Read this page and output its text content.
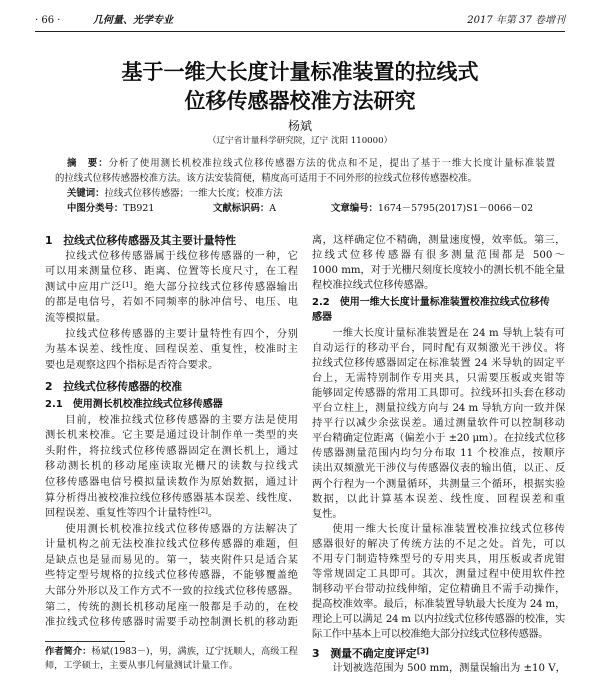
· 66 ·	几何量、光学专业	2017 年第 37 卷增刊
基于一维大长度计量标准装置的拉线式
位移传感器校准方法研究
杨斌
（辽宁省计量科学研究院，辽宁 沈阳 110000）
摘　要：分析了使用测长机校准拉线式位移传感器方法的优点和不足，提出了基于一维大长度计量标准装置
的拉线式位移传感器校准方法。该方法安装简便，精度高可适用于不同外形的拉线式位移传感器校准。
关键词：拉线式位移传感器；一维大长度；校准方法
中图分类号：TB921	文献标识码：A	文章编号：1674－5795(2017)S1－0066－02
1 拉线式位移传感器及其主要计量特性
拉线式位移传感器属于线位移传感器的一种，它
可以用来测量位移、距离、位置等长度尺寸，在工程
测试中应用广泛[1]。绝大部分拉线式位移传感器输出
的都是电信号，若如不同频率的脉冲信号、电压、电
流等模拟量。
拉线式位移传感器的主要计量特性有四个，分别
为基本误差、线性度、回程误差、重复性，校准时主
要也是观察这四个指标是否符合要求。
2 拉线式位移传感器的校准
2.1 使用测长机校准拉线式位移传感器
目前，校准拉线式位移传感器的主要方法是使用
测长机来校准。它主要是通过设计制作单一类型的夹
头附件，将拉线式位移传感器固定在测长机上，通过
移动测长机的移动尾座读取光栅尺的读数与拉线式
位移传感器电信号模拟量读数作为原始数据，通过计
算分析得出被校准拉线位移传感器基本误差、线性度、
回程误差、重复性等四个计量特性[2]。
使用测长机校准拉线式位移传感器的方法解决了
计量机构之前无法校准拉线式位移传感器的难题，但
是缺点也是显而易见的。第一，装夹附件只是适合某
些特定型号规格的拉线式位移传感器，不能够覆盖绝
大部分外形以及工作方式不一致的拉线式位移传感器。
第二，传统的测长机移动尾座一般都是手动的，在校
准拉线式位移传感器时需要手动控制测长机的移动距
作者简介：杨斌(1983－)，男，满族，辽宁抚顺人，高级工程
师，工学硕士，主要从事几何量测试计量工作。
离，这样确定位不精确，测量速度慢，效率低。第三，
拉线式位移传感器有很多测量范围都是 500～
1000 mm，对于光栅尺刻度长度较小的测长机不能全量
程校准拉线式位移传感器。
2.2 使用一维大长度计量标准装置校准拉线式位移传
感器
一维大长度计量标准装置是在 24 m 导轨上装有可
自动运行的移动平台，同时配有双频激光干涉仪。将
拉线式位移传感器固定在标准装置 24 米导轨的固定平
台上，无需特别制作专用夹具，只需要压板或夹钳等
能够固定传感器的常用工具即可。拉线环扣头套在移动
平台立柱上，测量拉线方向与 24 m 导轨方向一致并保
持平行以减少余弦误差。通过测量软件可以控制移动
平台精确定位距离（偏差小于 ±20 μm）。在拉线式位移
传感器测量范围内均匀分布取 11 个校准点，按顺序
读出双频激光干涉仪与传感器仪表的输出值，以正、反
两个行程为一个测量循环，共测量三个循环，根据实验
数据，以此计算基本误差、线性度、回程误差和重
复性。
使用一维大长度计量标准装置校准拉线式位移传
感器很好的解决了传统方法的不足之处。首先，可以
不用专门制造特殊型号的专用夹具，用压板或者虎钳
等常规固定工具即可。其次，测量过程中使用软件控
制移动平台带动拉线伸缩，定位精确且不需手动操作，
提高校准效率。最后，标准装置导轨最大长度为 24 m，
理论上可以满足 24 m 以内拉线式位移传感器的校准，实
际工作中基本上可以校准绝大部分拉线式位移传感器。
3 测量不确定度评定[3]
计划被选范围为 500 mm，测量误输出为 ±10 V，
